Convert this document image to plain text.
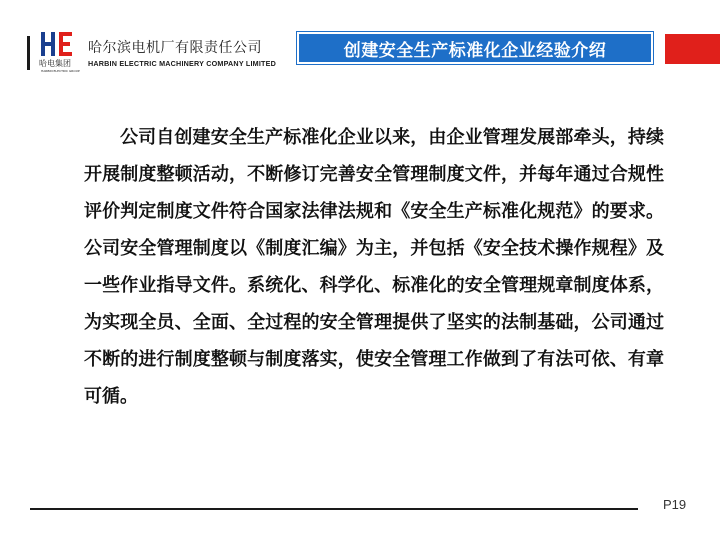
哈电集团
HARBIN ELECTRIC GROUP
哈尔滨电机厂有限责任公司
HARBIN ELECTRIC MACHINERY COMPANY LIMITED
创建安全生产标准化企业经验介绍
公司自创建安全生产标准化企业以来，由企业管理发展部牵头，持续开展制度整顿活动，不断修订完善安全管理制度文件，并每年通过合规性评价判定制度文件符合国家法律法规和《安全生产标准化规范》的要求。公司安全管理制度以《制度汇编》为主，并包括《安全技术操作规程》及一些作业指导文件。系统化、科学化、标准化的安全管理规章制度体系，为实现全员、全面、全过程的安全管理提供了坚实的法制基础，公司通过不断的进行制度整顿与制度落实，使安全管理工作做到了有法可依、有章可循。
P19
